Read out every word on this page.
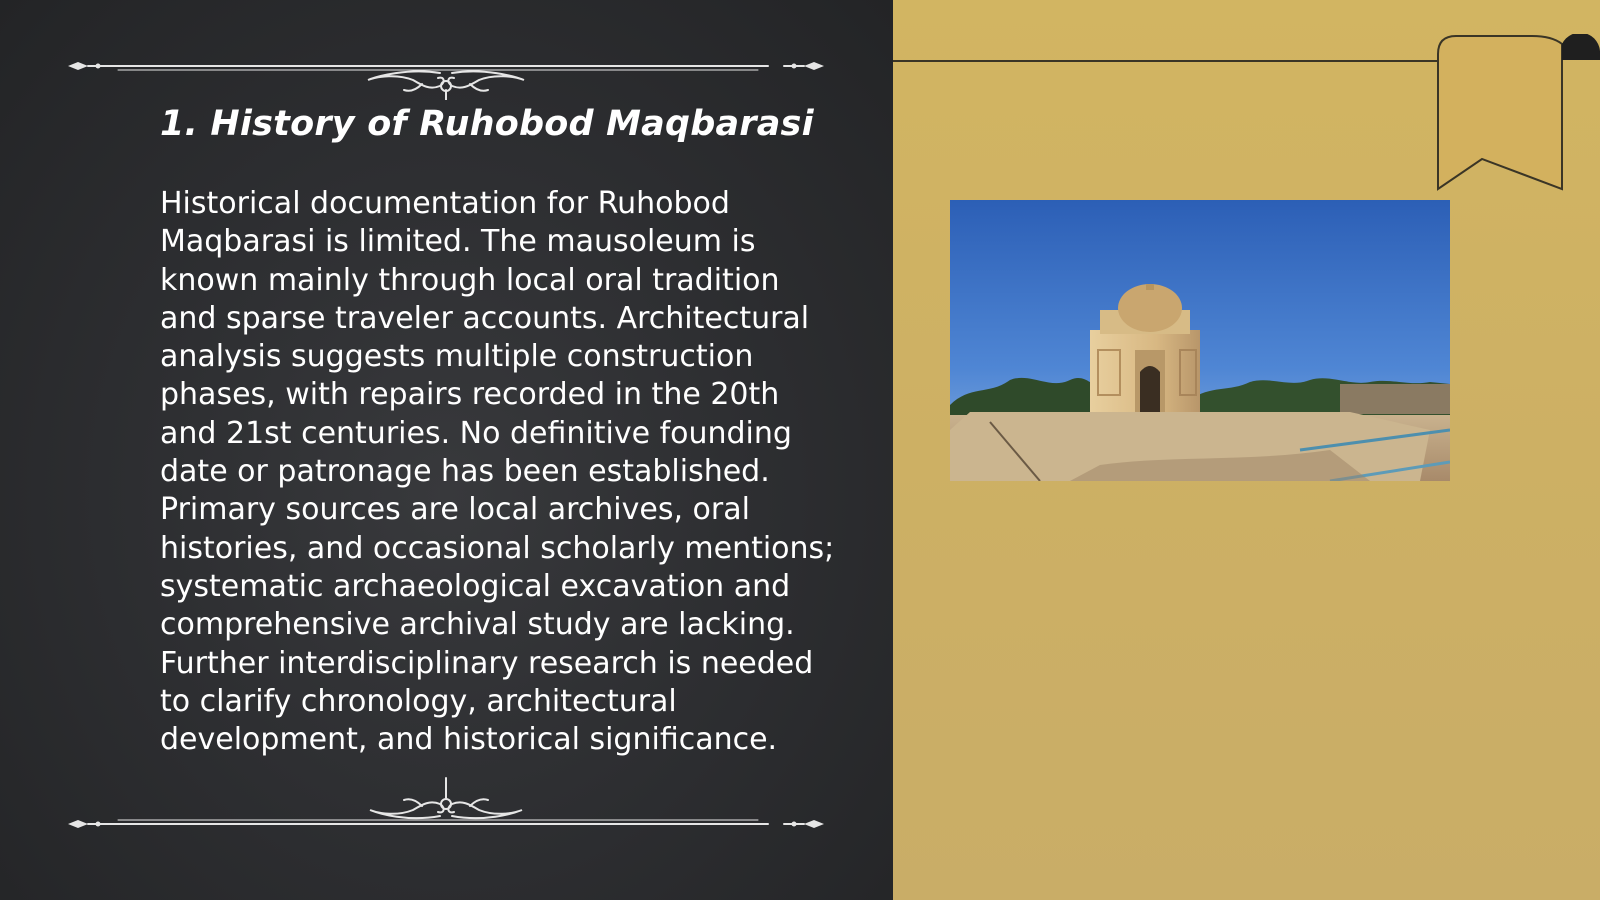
1. History of Ruhobod Maqbarasi
Historical documentation for Ruhobod Maqbarasi is limited. The mausoleum is known mainly through local oral tradition and sparse traveler accounts. Architectural analysis suggests multiple construction phases, with repairs recorded in the 20th and 21st centuries. No definitive founding date or patronage has been established. Primary sources are local archives, oral histories, and occasional scholarly mentions; systematic archaeological excavation and comprehensive archival study are lacking. Further interdisciplinary research is needed to clarify chronology, architectural development, and historical significance.
